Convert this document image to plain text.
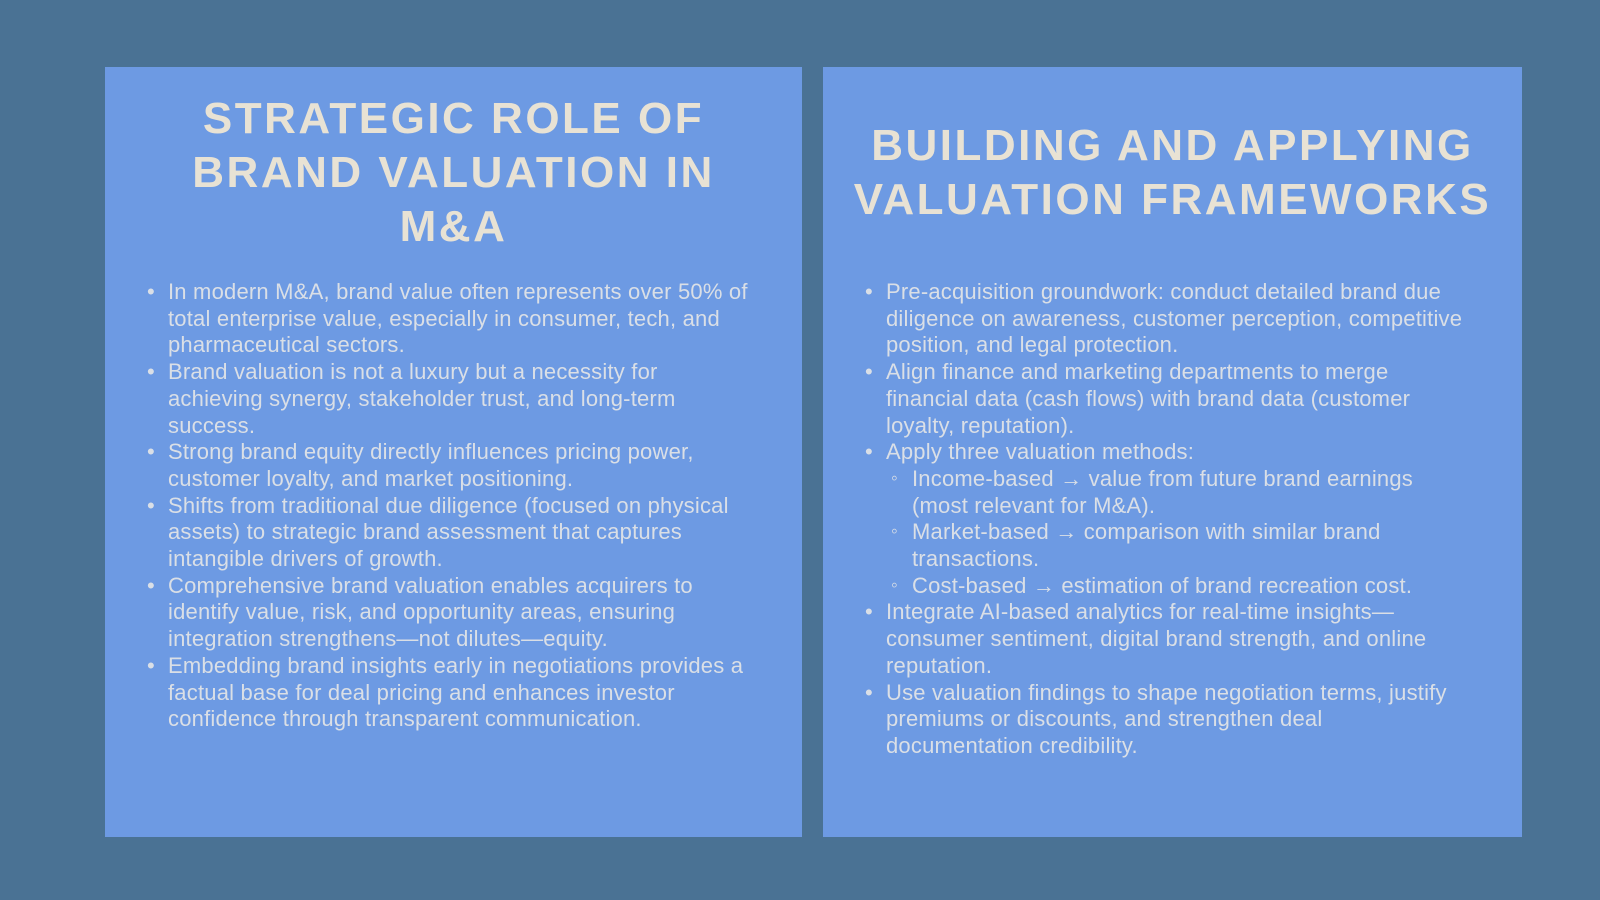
STRATEGIC ROLE OF
BRAND VALUATION IN
M&A
• In modern M&A, brand value often represents over 50% of total enterprise value, especially in consumer, tech, and pharmaceutical sectors.
• Brand valuation is not a luxury but a necessity for achieving synergy, stakeholder trust, and long-term success.
• Strong brand equity directly influences pricing power, customer loyalty, and market positioning.
• Shifts from traditional due diligence (focused on physical assets) to strategic brand assessment that captures intangible drivers of growth.
• Comprehensive brand valuation enables acquirers to identify value, risk, and opportunity areas, ensuring integration strengthens—not dilutes—equity.
• Embedding brand insights early in negotiations provides a factual base for deal pricing and enhances investor confidence through transparent communication.
BUILDING AND APPLYING
VALUATION FRAMEWORKS
• Pre-acquisition groundwork: conduct detailed brand due diligence on awareness, customer perception, competitive position, and legal protection.
• Align finance and marketing departments to merge financial data (cash flows) with brand data (customer loyalty, reputation).
• Apply three valuation methods:
◦ Income-based → value from future brand earnings (most relevant for M&A).
◦ Market-based → comparison with similar brand transactions.
◦ Cost-based → estimation of brand recreation cost.
• Integrate AI-based analytics for real-time insights—consumer sentiment, digital brand strength, and online reputation.
• Use valuation findings to shape negotiation terms, justify premiums or discounts, and strengthen deal documentation credibility.
